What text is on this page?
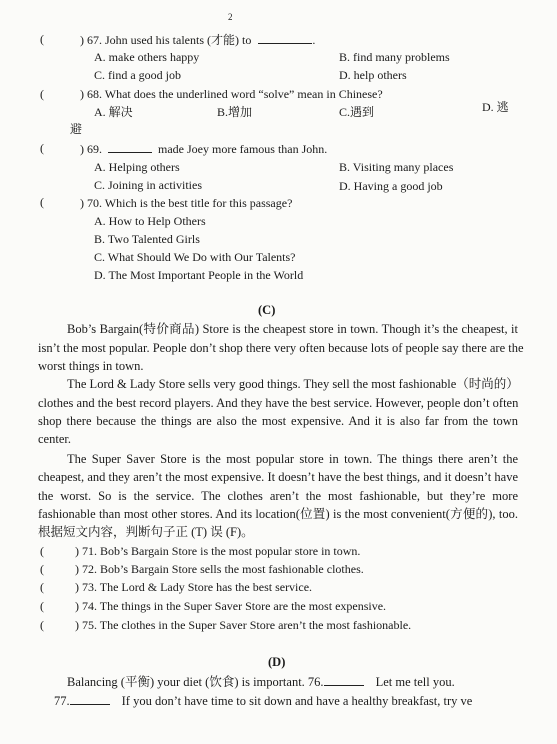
2
(	) 67. John used his talents (才能) to	.
A. make others happy	B. find many problems
C. find a good job	D. help others
(	) 68. What does the underlined word “solve” mean in Chinese?
A. 解决	B.增加	C.遇到	D. 逃
避
(	) 69.	made Joey more famous than John.
A. Helping others	B. Visiting many places
C. Joining in activities	D. Having a good job
(	) 70. Which is the best title for this passage?
A. How to Help Others
B. Two Talented Girls
C. What Should We Do with Our Talents?
D. The Most Important People in the World
(C)
Bob’s Bargain(特价商品) Store is the cheapest store in town. Though it’s the cheapest, it
isn’t the most popular. People don’t shop there very often because lots of people say there are the
worst things in town.
The Lord & Lady Store sells very good things. They sell the most fashionable（时尚的）
clothes and the best record players. And they have the best service. However, people don’t often
shop there because the things are also the most expensive. And it is also far from the town
center.
The Super Saver Store is the most popular store in town. The things there aren’t the
cheapest, and they aren’t the most expensive. It doesn’t have the best things, and it doesn’t have
the worst. So is the service. The clothes aren’t the most fashionable, but they’re more
fashionable than most other stores. And its location(位置) is the most convenient(方便的), too.
根据短文内容，判断句子正 (T) 误 (F)。
(	) 71. Bob’s Bargain Store is the most popular store in town.
(	) 72. Bob’s Bargain Store sells the most fashionable clothes.
(	) 73. The Lord & Lady Store has the best service.
(	) 74. The things in the Super Saver Store are the most expensive.
(	) 75. The clothes in the Super Saver Store aren’t the most fashionable.
(D)
Balancing (平衡) your diet (饮食) is important. 76.	Let me tell you.
77.	If you don’t have time to sit down and have a healthy breakfast, try ve
